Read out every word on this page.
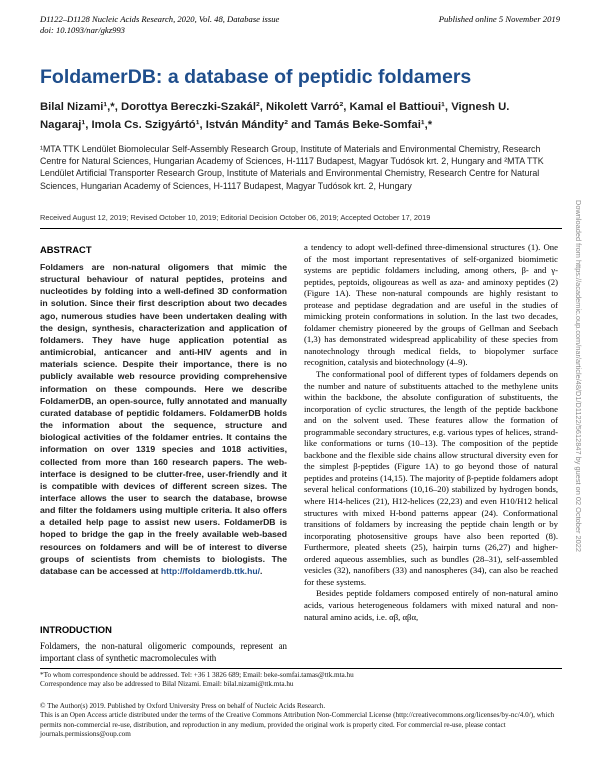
D1122–D1128 Nucleic Acids Research, 2020, Vol. 48, Database issue
doi: 10.1093/nar/gkz993
Published online 5 November 2019
FoldamerDB: a database of peptidic foldamers
Bilal Nizami¹,*, Dorottya Bereczki-Szakál², Nikolett Varró², Kamal el Battioui¹, Vignesh U. Nagaraj¹, Imola Cs. Szigyártó¹, István Mándity² and Tamás Beke-Somfai¹,*
¹MTA TTK Lendület Biomolecular Self-Assembly Research Group, Institute of Materials and Environmental Chemistry, Research Centre for Natural Sciences, Hungarian Academy of Sciences, H-1117 Budapest, Magyar Tudósok krt. 2, Hungary and ²MTA TTK Lendület Artificial Transporter Research Group, Institute of Materials and Environmental Chemistry, Research Centre for Natural Sciences, Hungarian Academy of Sciences, H-1117 Budapest, Magyar Tudósok krt. 2, Hungary
Received August 12, 2019; Revised October 10, 2019; Editorial Decision October 06, 2019; Accepted October 17, 2019
ABSTRACT
Foldamers are non-natural oligomers that mimic the structural behaviour of natural peptides, proteins and nucleotides by folding into a well-defined 3D conformation in solution. Since their first description about two decades ago, numerous studies have been undertaken dealing with the design, synthesis, characterization and application of foldamers. They have huge application potential as antimicrobial, anticancer and anti-HIV agents and in materials science. Despite their importance, there is no publicly available web resource providing comprehensive information on these compounds. Here we describe FoldamerDB, an open-source, fully annotated and manually curated database of peptidic foldamers. FoldamerDB holds the information about the sequence, structure and biological activities of the foldamer entries. It contains the information on over 1319 species and 1018 activities, collected from more than 160 research papers. The web-interface is designed to be clutter-free, user-friendly and it is compatible with devices of different screen sizes. The interface allows the user to search the database, browse and filter the foldamers using multiple criteria. It also offers a detailed help page to assist new users. FoldamerDB is hoped to bridge the gap in the freely available web-based resources on foldamers and will be of interest to diverse groups of scientists from chemists to biologists. The database can be accessed at http://foldamerdb.ttk.hu/.
INTRODUCTION
Foldamers, the non-natural oligomeric compounds, represent an important class of synthetic macromolecules with

a tendency to adopt well-defined three-dimensional structures (1). One of the most important representatives of self-organized biomimetic systems are peptidic foldamers including, among others, β- and γ-peptides, peptoids, oligoureas as well as aza- and aminoxy peptides (2) (Figure 1A). These non-natural compounds are highly resistant to protease and peptidase degradation and are useful in the studies of mimicking protein conformations in solution. In the last two decades, foldamer chemistry pioneered by the groups of Gellman and Seebach (1,3) has demonstrated widespread applicability of these species from nanotechnology through medical fields, to biopolymer surface recognition, catalysis and biotechnology (4–9).

The conformational pool of different types of foldamers depends on the number and nature of substituents attached to the methylene units within the backbone, the absolute configuration of substituents, the incorporation of cyclic structures, the length of the peptide backbone and on the solvent used. These features allow the formation of programmable secondary structures, e.g. various types of helices, strand-like conformations or turns (10–13). The composition of the peptide backbone and the flexible side chains allow structural diversity even for the simplest β-peptides (Figure 1A) to go beyond those of natural peptides and proteins (14,15). The majority of β-peptide foldamers adopt several helical conformations (10,16–20) stabilized by hydrogen bonds, where H14-helices (21), H12-helices (22,23) and even H10/H12 helical structures with mixed H-bond patterns appear (24). Conformational transitions of foldamers by increasing the peptide chain length or by incorporating photosensitive groups have also been reported (8). Furthermore, pleated sheets (25), hairpin turns (26,27) and higher-ordered aqueous assemblies, such as bundles (28–31), self-assembled vesicles (32), nanofibers (33) and nanospheres (34), can also be reached for these systems.

Besides peptide foldamers composed entirely of non-natural amino acids, various heterogeneous foldamers with mixed natural and non-natural amino acids, i.e. αβ, αβα,

*To whom correspondence should be addressed. Tel: +36 1 3826 689; Email: beke-somfai.tamas@ttk.mta.hu
Correspondence may also be addressed to Bilal Nizami. Email: bilal.nizami@ttk.mta.hu
© The Author(s) 2019. Published by Oxford University Press on behalf of Nucleic Acids Research.
This is an Open Access article distributed under the terms of the Creative Commons Attribution Non-Commercial License (http://creativecommons.org/licenses/by-nc/4.0/), which permits non-commercial re-use, distribution, and reproduction in any medium, provided the original work is properly cited. For commercial re-use, please contact journals.permissions@oup.com
Downloaded from https://academic.oup.com/nar/article/48/D1/D1122/5612847 by guest on 02 October 2022
